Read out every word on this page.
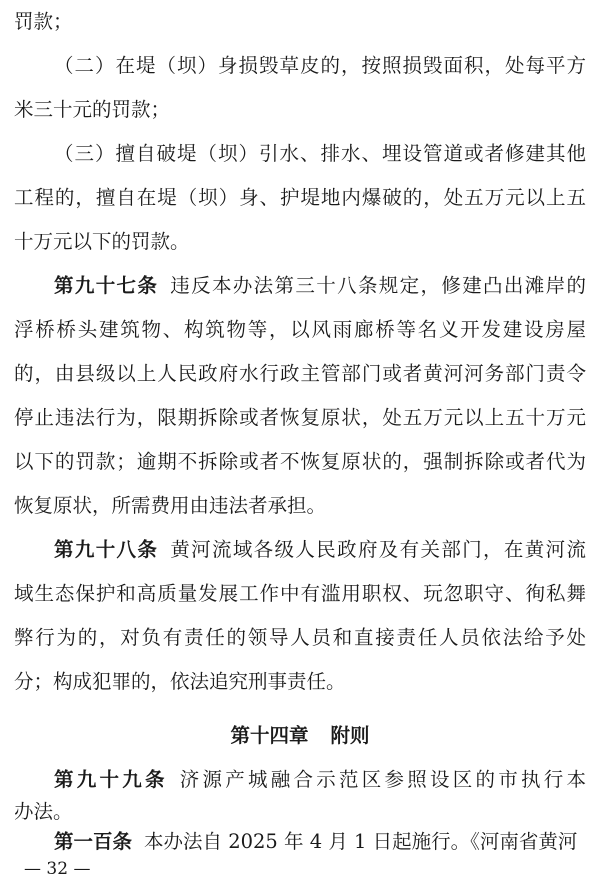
罚款；
（二）在堤（坝）身损毁草皮的，按照损毁面积，处每平方
米三十元的罚款；
（三）擅自破堤（坝）引水、排水、埋设管道或者修建其他
工程的，擅自在堤（坝）身、护堤地内爆破的，处五万元以上五
十万元以下的罚款。
第九十七条 违反本办法第三十八条规定，修建凸出滩岸的
浮桥桥头建筑物、构筑物等，以风雨廊桥等名义开发建设房屋
的，由县级以上人民政府水行政主管部门或者黄河河务部门责令
停止违法行为，限期拆除或者恢复原状，处五万元以上五十万元
以下的罚款；逾期不拆除或者不恢复原状的，强制拆除或者代为
恢复原状，所需费用由违法者承担。
第九十八条 黄河流域各级人民政府及有关部门，在黄河流
域生态保护和高质量发展工作中有滥用职权、玩忽职守、徇私舞
弊行为的，对负有责任的领导人员和直接责任人员依法给予处
分；构成犯罪的，依法追究刑事责任。
第十四章 附则
第九十九条 济源产城融合示范区参照设区的市执行本
办法。
第一百条 本办法自 2025 年 4 月 1 日起施行。《河南省黄河
— 32 —
